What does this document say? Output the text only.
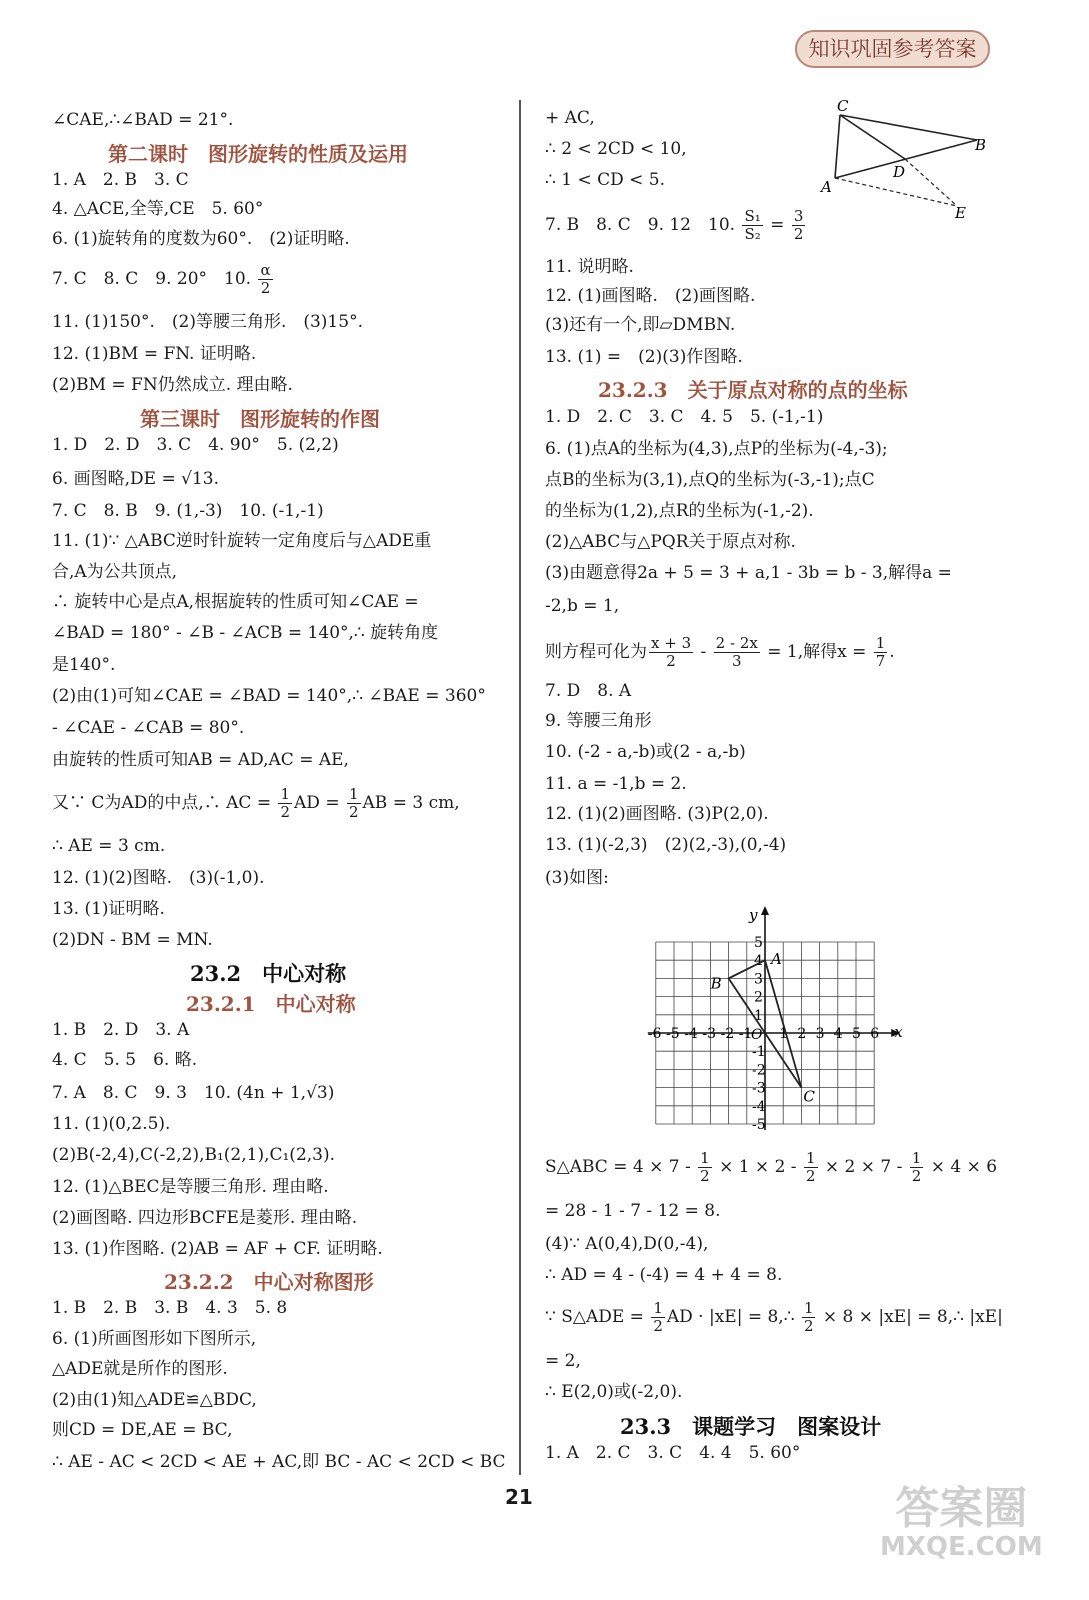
知识巩固参考答案
∠CAE,∴∠BAD = 21°.
第二课时　图形旋转的性质及运用
1. A　2. B　3. C
4. △ACE,全等,CE　5. 60°
6. (1)旋转角的度数为60°.　(2)证明略.
7. C　8. C　9. 20°　10. $\frac{\alpha}{2}$
11. (1)150°.　(2)等腰三角形.　(3)15°.
12. (1)BM = FN. 证明略.
(2)BM = FN仍然成立. 理由略.
第三课时　图形旋转的作图
1. D　2. D　3. C　4. 90°　5. (2,2)
6. 画图略,DE = √13.
7. C　8. B　9. (1,-3)　10. (-1,-1)
11. (1)∵ △ABC逆时针旋转一定角度后与△ADE重
合,A为公共顶点,
∴ 旋转中心是点A,根据旋转的性质可知∠CAE =
∠BAD = 180° - ∠B - ∠ACB = 140°,∴ 旋转角度
是140°.
(2)由(1)可知∠CAE = ∠BAD = 140°,∴ ∠BAE = 360°
- ∠CAE - ∠CAB = 80°.
由旋转的性质可知AB = AD,AC = AE,
又∵ C为AD的中点,∴ AC = $\frac{1}{2}$ AD = $\frac{1}{2}$ AB = 3 cm,
∴ AE = 3 cm.
12. (1)(2)图略.　(3)(-1,0).
13. (1)证明略.
(2)DN - BM = MN.
23.2　中心对称
23.2.1　中心对称
1. B　2. D　3. A
4. C　5. 5　6. 略.
7. A　8. C　9. 3　10. (4n + 1,√3)
11. (1)(0,2.5).
(2)B(-2,4),C(-2,2),B₁(2,1),C₁(2,3).
12. (1)△BEC是等腰三角形. 理由略.
(2)画图略. 四边形BCFE是菱形. 理由略.
13. (1)作图略. (2)AB = AF + CF. 证明略.
23.2.2　中心对称图形
1. B　2. B　3. B　4. 3　5. 8
6. (1)所画图形如下图所示,
△ADE就是所作的图形.
(2)由(1)知△ADE≌△BDC,
则CD = DE,AE = BC,
∴ AE - AC < 2CD < AE + AC,即 BC - AC < 2CD < BC
+ AC,
∴ 2 < 2CD < 10,
∴ 1 < CD < 5.
7. B　8. C　9. 12　10. $\frac{\text{S₁}}{\text{S₂}} = \frac{3}{2}$
11. 说明略.
12. (1)画图略.　(2)画图略.
(3)还有一个,即▱DMBN.
13. (1) =　(2)(3)作图略.
23.2.3　关于原点对称的点的坐标
1. D　2. C　3. C　4. 5　5. (-1,-1)
6. (1)点A的坐标为(4,3),点P的坐标为(-4,-3);
点B的坐标为(3,1),点Q的坐标为(-3,-1);点C
的坐标为(1,2),点R的坐标为(-1,-2).
(2)△ABC与△PQR关于原点对称.
(3)由题意得2a + 5 = 3 + a,1 - 3b = b - 3,解得a =
-2,b = 1,
则方程可化为 $\frac{x + 3}{2} - \frac{2 - 2x}{3} = 1$,解得$x = \frac{1}{7}$ .
7. D　8. A
9. 等腰三角形
10. (-2 - a,-b)或(2 - a,-b)
11. a = -1,b = 2.
12. (1)(2)画图略. (3)P(2,0).
13. (1)(-2,3)　(2)(2,-3),(0,-4)
(3)如图:
S△ABC = $4 \times 7 - \frac{1}{2} \times 1 \times 2 - \frac{1}{2} \times 2 \times 7 - \frac{1}{2} \times 4 \times 6$
= 28 - 1 - 7 - 12 = 8.
(4)∵ A(0,4),D(0,-4),
∴ AD = 4 - (-4) = 4 + 4 = 8.
∵ S△ADE = $\frac{1}{2}$ AD · |xE| = 8,∴ $\frac{1}{2} \times 8 \times |xE|$ = 8,∴ |xE|
= 2,
∴ E(2,0)或(-2,0).
23.3　课题学习　图案设计
1. A　2. C　3. C　4. 4　5. 60°
C
B
D
A
E
-6 -5 -4 -3 -2 -1 1 2 3 4 5 6
5
4
3
2
1
-1
-2
-3
-4
-5
A
B
C
x
y
O
21	答案圈
MXQE.COM
